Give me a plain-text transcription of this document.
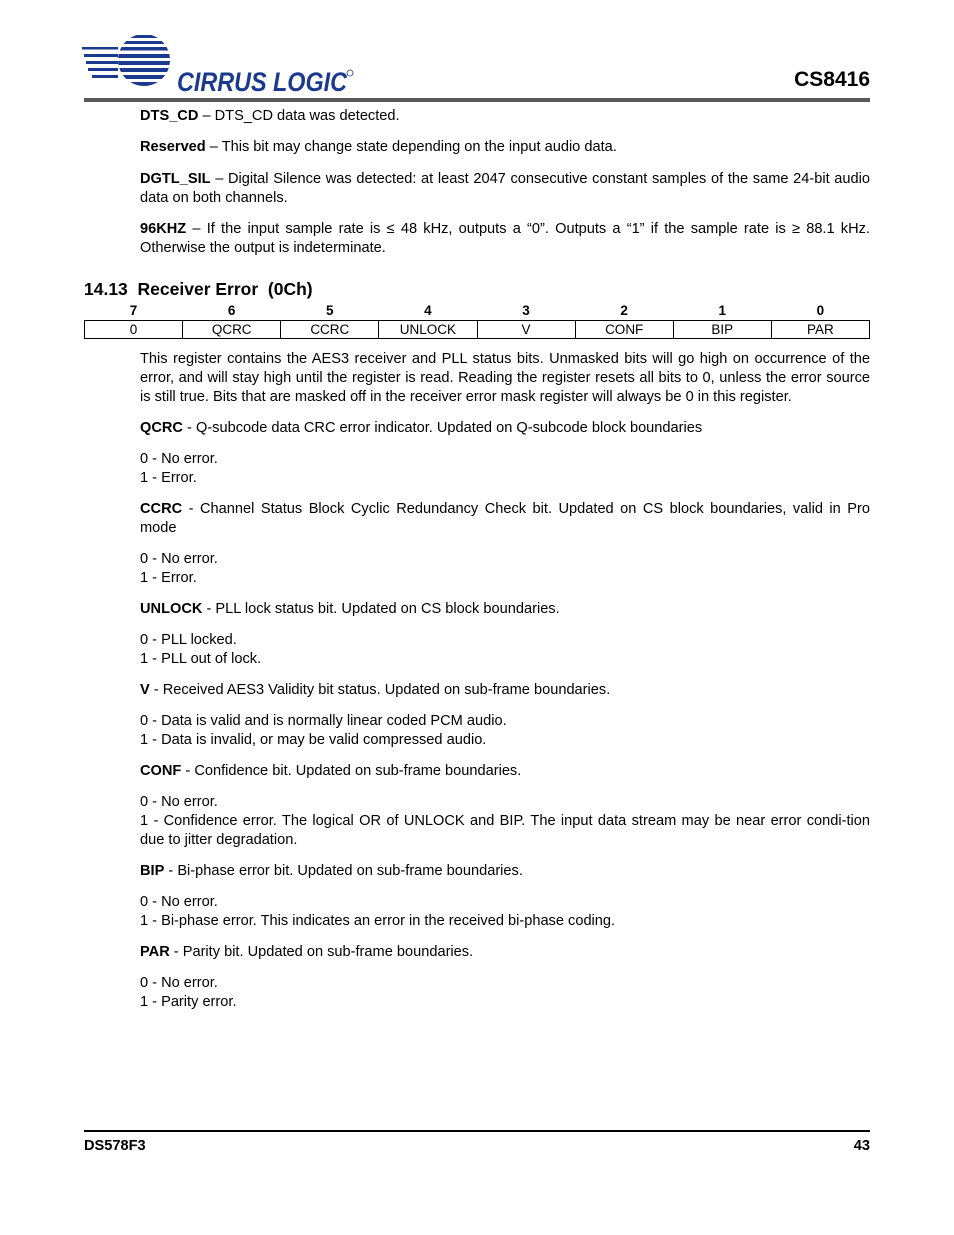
CIRRUS LOGIC	CS8416

DTS_CD – DTS_CD data was detected.

Reserved – This bit may change state depending on the input audio data.

DGTL_SIL – Digital Silence was detected: at least 2047 consecutive constant samples of the same 24-bit audio data on both channels.

96KHZ – If the input sample rate is ≤ 48 kHz, outputs a “0”. Outputs a “1” if the sample rate is ≥ 88.1 kHz. Otherwise the output is indeterminate.

14.13 Receiver Error  (0Ch)
7	6	5	4	3	2	1	0
0	QCRC	CCRC	UNLOCK	V	CONF	BIP	PAR

This register contains the AES3 receiver and PLL status bits. Unmasked bits will go high on occurrence of the error, and will stay high until the register is read. Reading the register resets all bits to 0, unless the error source is still true. Bits that are masked off in the receiver error mask register will always be 0 in this register.

QCRC - Q-subcode data CRC error indicator. Updated on Q-subcode block boundaries

0 - No error.

1 - Error.

CCRC - Channel Status Block Cyclic Redundancy Check bit. Updated on CS block boundaries, valid in Pro mode

0 - No error.

1 - Error.

UNLOCK - PLL lock status bit. Updated on CS block boundaries.

0 - PLL locked.

1 - PLL out of lock.

V - Received AES3 Validity bit status. Updated on sub-frame boundaries.

0 - Data is valid and is normally linear coded PCM audio.

1 - Data is invalid, or may be valid compressed audio.

CONF - Confidence bit. Updated on sub-frame boundaries.

0 - No error.

1 - Confidence error. The logical OR of UNLOCK and BIP. The input data stream may be near error condi-tion due to jitter degradation.

BIP - Bi-phase error bit. Updated on sub-frame boundaries.

0 - No error.

1 - Bi-phase error. This indicates an error in the received bi-phase coding.

PAR - Parity bit. Updated on sub-frame boundaries.

0 - No error.

1 - Parity error.

DS578F3	43
